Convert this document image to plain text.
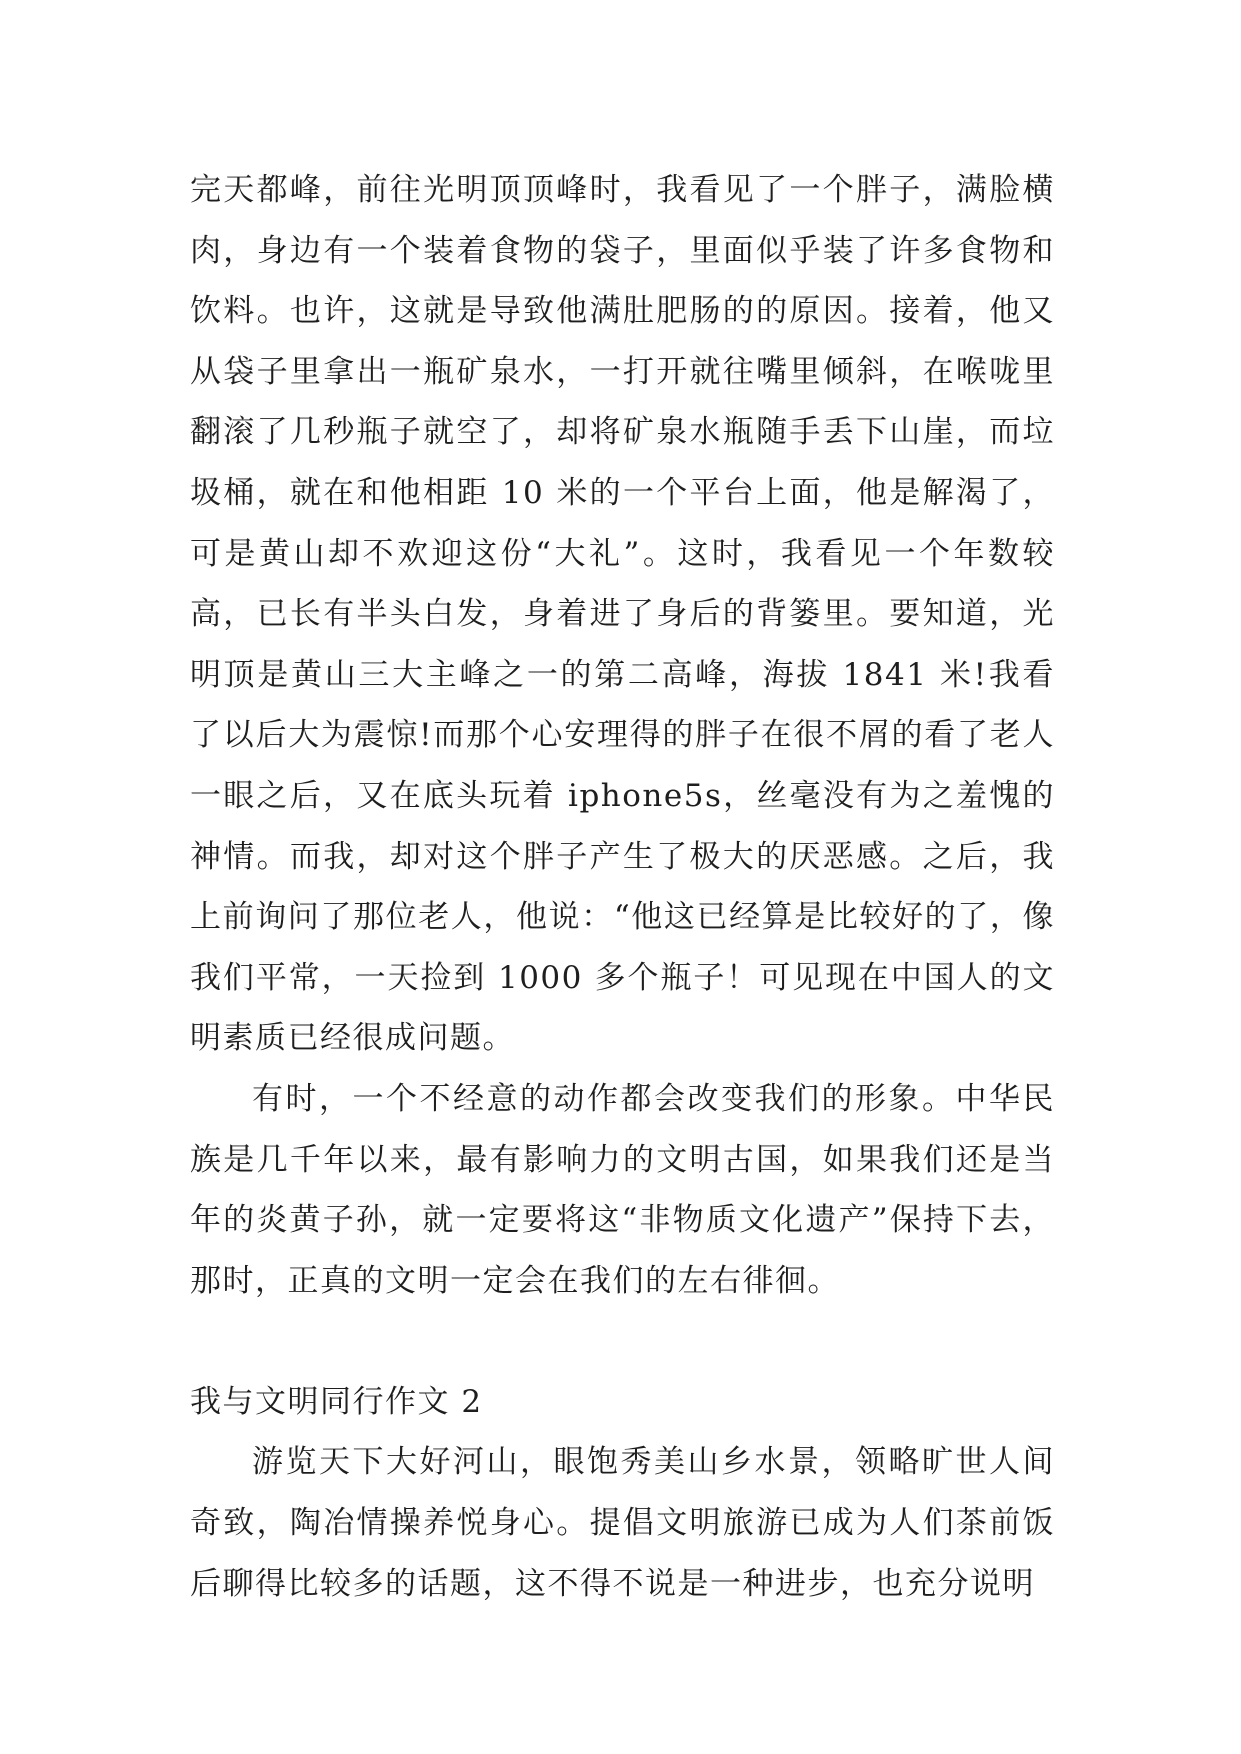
完天都峰，前往光明顶顶峰时，我看见了一个胖子，满脸横肉，身边有一个装着食物的袋子，里面似乎装了许多食物和饮料。也许，这就是导致他满肚肥肠的的原因。接着，他又从袋子里拿出一瓶矿泉水，一打开就往嘴里倾斜，在喉咙里翻滚了几秒瓶子就空了，却将矿泉水瓶随手丢下山崖，而垃圾桶，就在和他相距 10 米的一个平台上面，他是解渴了，可是黄山却不欢迎这份“大礼”。这时，我看见一个年数较高，已长有半头白发，身着进了身后的背篓里。要知道，光明顶是黄山三大主峰之一的第二高峰，海拔 1841 米!我看了以后大为震惊!而那个心安理得的胖子在很不屑的看了老人一眼之后，又在底头玩着 iphone5s，丝毫没有为之羞愧的神情。而我，却对这个胖子产生了极大的厌恶感。之后，我上前询问了那位老人，他说：“他这已经算是比较好的了，像我们平常，一天捡到 1000 多个瓶子！可见现在中国人的文明素质已经很成问题。

有时，一个不经意的动作都会改变我们的形象。中华民族是几千年以来，最有影响力的文明古国，如果我们还是当年的炎黄子孙，就一定要将这“非物质文化遗产”保持下去，那时，正真的文明一定会在我们的左右徘徊。

我与文明同行作文 2

游览天下大好河山，眼饱秀美山乡水景，领略旷世人间奇致，陶冶情操养悦身心。提倡文明旅游已成为人们茶前饭后聊得比较多的话题，这不得不说是一种进步，也充分说明
